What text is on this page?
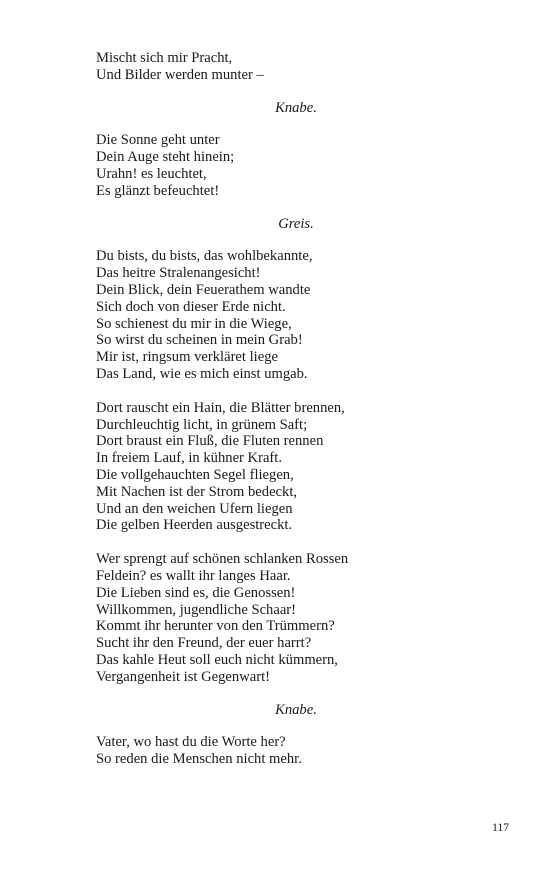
Mischt sich mir Pracht,
Und Bilder werden munter –
Knabe.
Die Sonne geht unter
Dein Auge steht hinein;
Urahn! es leuchtet,
Es glänzt befeuchtet!
Greis.
Du bists, du bists, das wohlbekannte,
Das heitre Stralenangesicht!
Dein Blick, dein Feuerathem wandte
Sich doch von dieser Erde nicht.
So schienest du mir in die Wiege,
So wirst du scheinen in mein Grab!
Mir ist, ringsum verkläret liege
Das Land, wie es mich einst umgab.
Dort rauscht ein Hain, die Blätter brennen,
Durchleuchtig licht, in grünem Saft;
Dort braust ein Fluß, die Fluten rennen
In freiem Lauf, in kühner Kraft.
Die vollgehauchten Segel fliegen,
Mit Nachen ist der Strom bedeckt,
Und an den weichen Ufern liegen
Die gelben Heerden ausgestreckt.
Wer sprengt auf schönen schlanken Rossen
Feldein? es wallt ihr langes Haar.
Die Lieben sind es, die Genossen!
Willkommen, jugendliche Schaar!
Kommt ihr herunter von den Trümmern?
Sucht ihr den Freund, der euer harrt?
Das kahle Heut soll euch nicht kümmern,
Vergangenheit ist Gegenwart!
Knabe.
Vater, wo hast du die Worte her?
So reden die Menschen nicht mehr.
117
